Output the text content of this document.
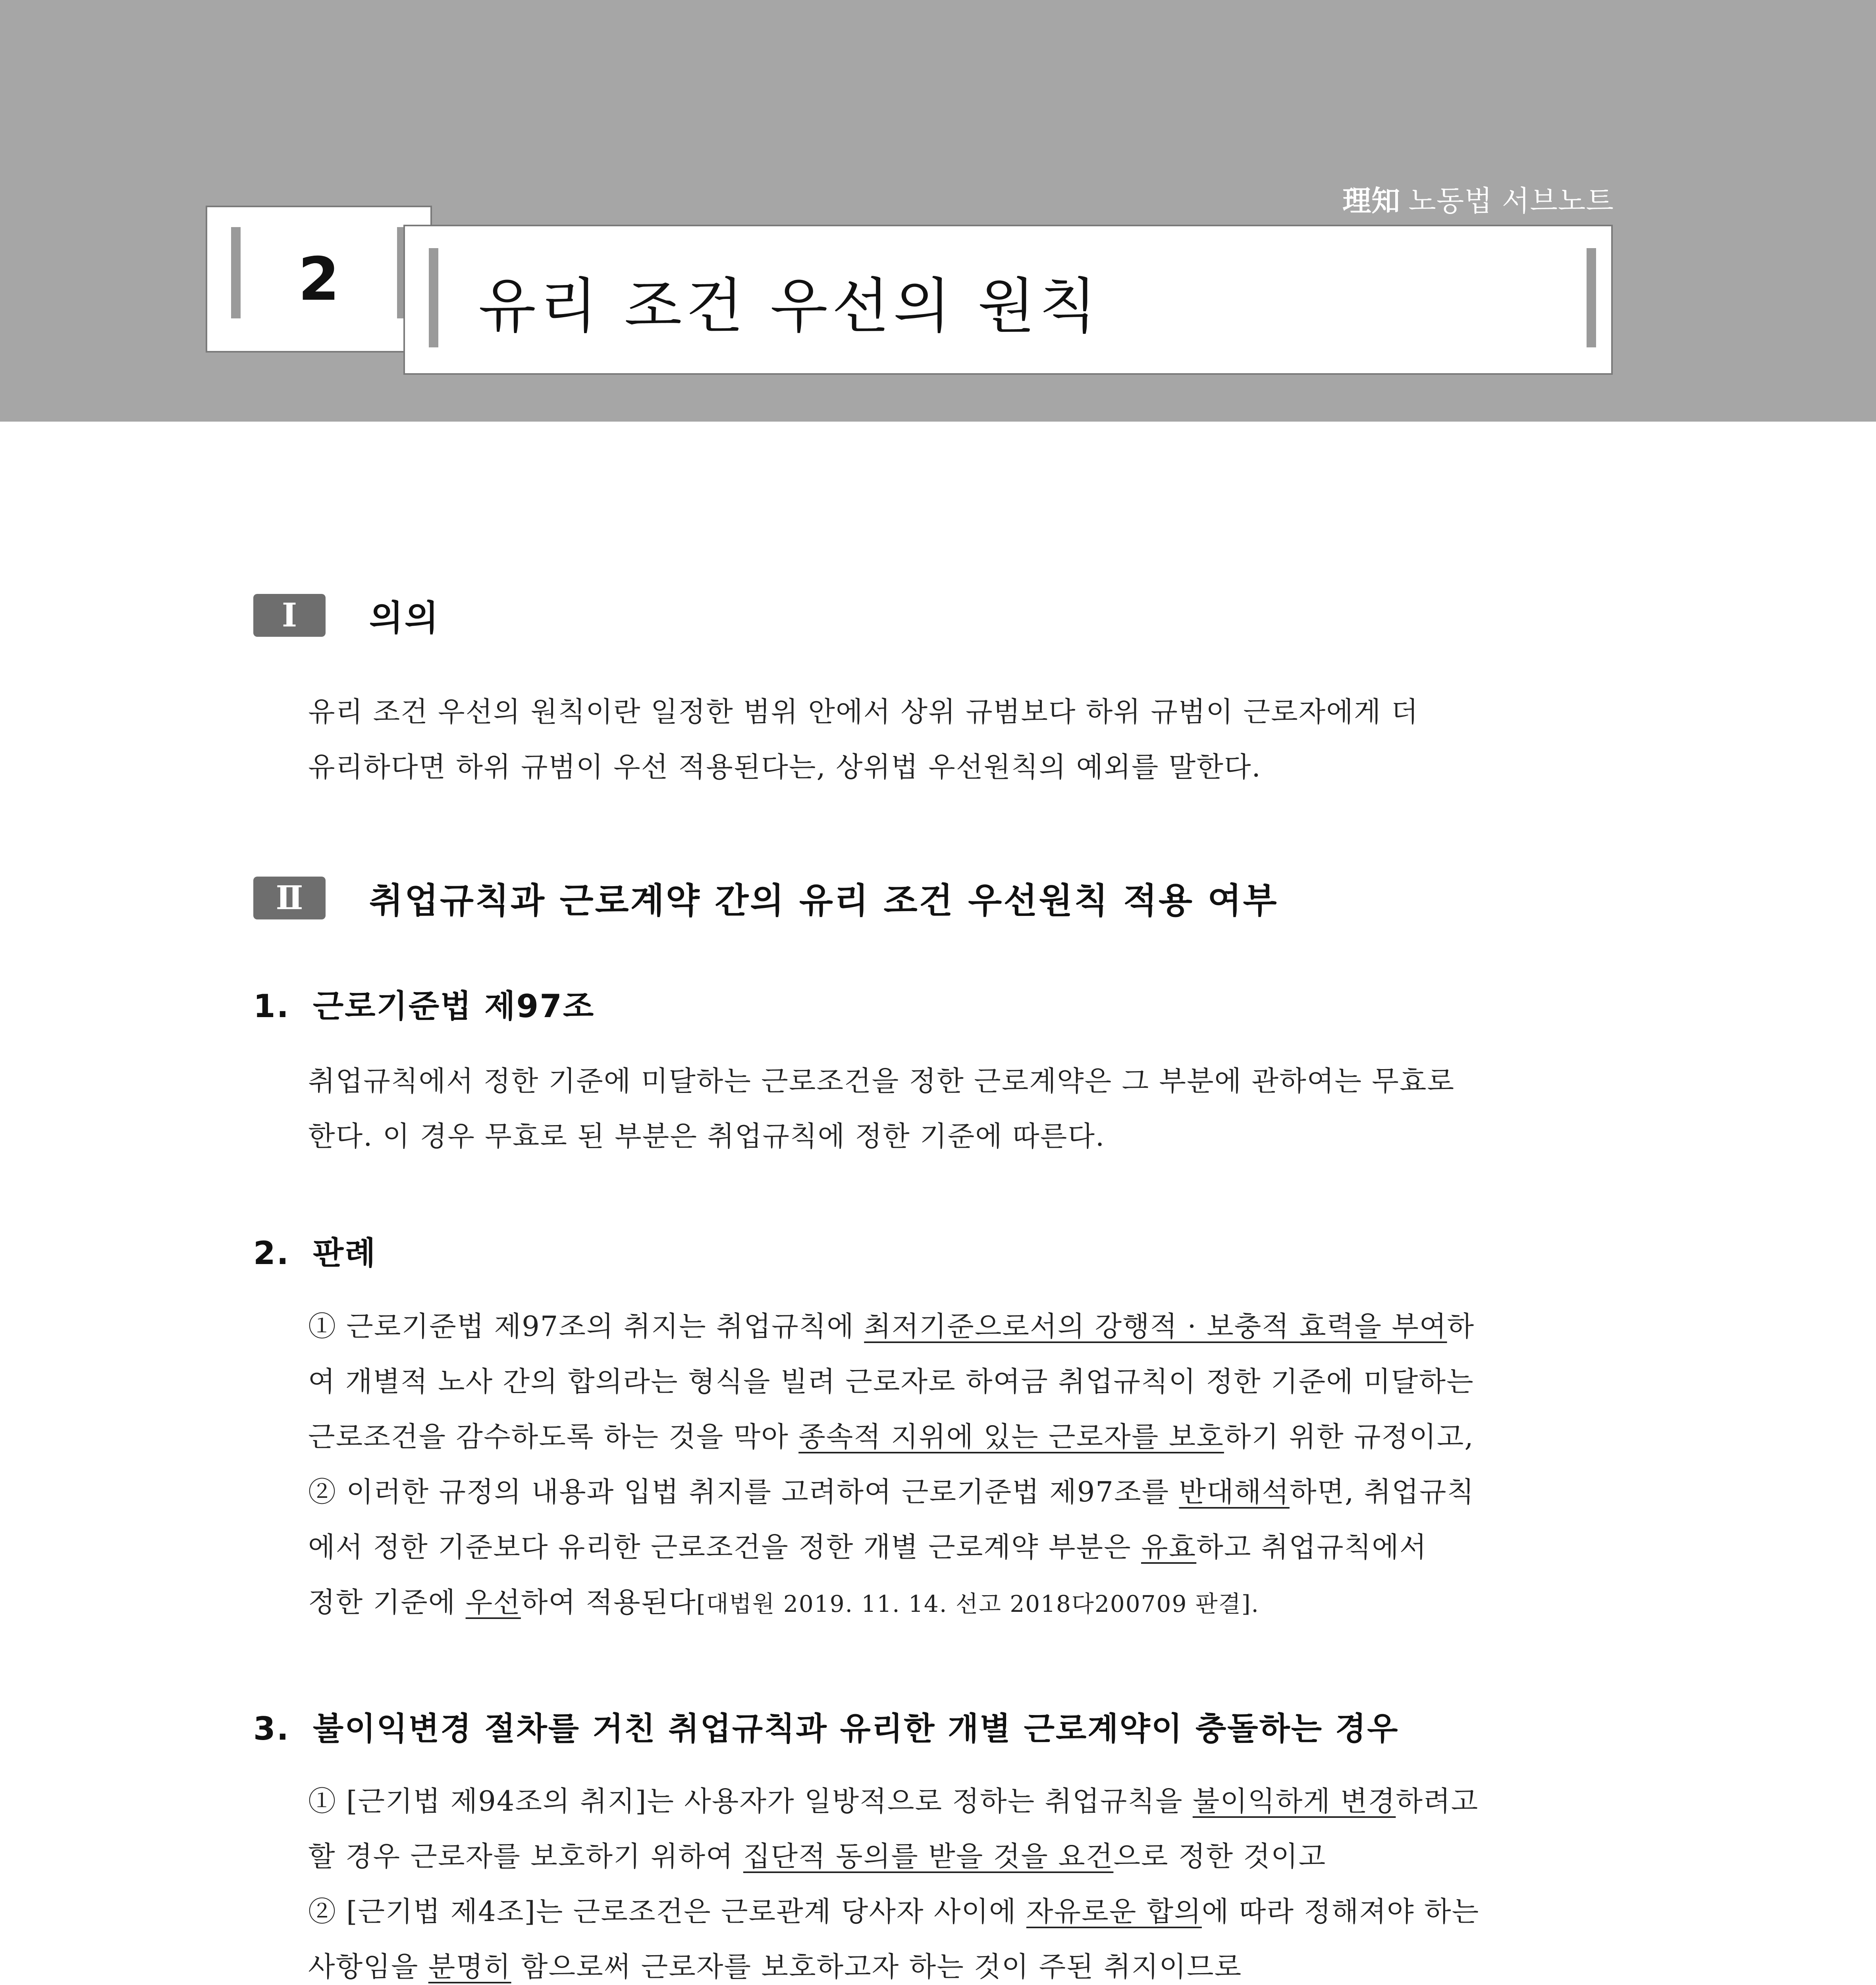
理知 노동법 서브노트
2	유리 조건 우선의 원칙
Ⅰ	의의
유리 조건 우선의 원칙이란 일정한 범위 안에서 상위 규범보다 하위 규범이 근로자에게 더
유리하다면 하위 규범이 우선 적용된다는, 상위법 우선원칙의 예외를 말한다.
Ⅱ	취업규칙과 근로계약 간의 유리 조건 우선원칙 적용 여부
1. 근로기준법 제97조
취업규칙에서 정한 기준에 미달하는 근로조건을 정한 근로계약은 그 부분에 관하여는 무효로
한다. 이 경우 무효로 된 부분은 취업규칙에 정한 기준에 따른다.
2. 판례
① 근로기준법 제97조의 취지는 취업규칙에 최저기준으로서의 강행적 · 보충적 효력을 부여하
여 개별적 노사 간의 합의라는 형식을 빌려 근로자로 하여금 취업규칙이 정한 기준에 미달하는
근로조건을 감수하도록 하는 것을 막아 종속적 지위에 있는 근로자를 보호하기 위한 규정이고,
② 이러한 규정의 내용과 입법 취지를 고려하여 근로기준법 제97조를 반대해석하면, 취업규칙
에서 정한 기준보다 유리한 근로조건을 정한 개별 근로계약 부분은 유효하고 취업규칙에서
정한 기준에 우선하여 적용된다[대법원 2019. 11. 14. 선고 2018다200709 판결].
3. 불이익변경 절차를 거친 취업규칙과 유리한 개별 근로계약이 충돌하는 경우
① [근기법 제94조의 취지]는 사용자가 일방적으로 정하는 취업규칙을 불이익하게 변경하려고
할 경우 근로자를 보호하기 위하여 집단적 동의를 받을 것을 요건으로 정한 것이고
② [근기법 제4조]는 근로조건은 근로관계 당사자 사이에 자유로운 합의에 따라 정해져야 하는
사항임을 분명히 함으로써 근로자를 보호하고자 하는 것이 주된 취지이므로
